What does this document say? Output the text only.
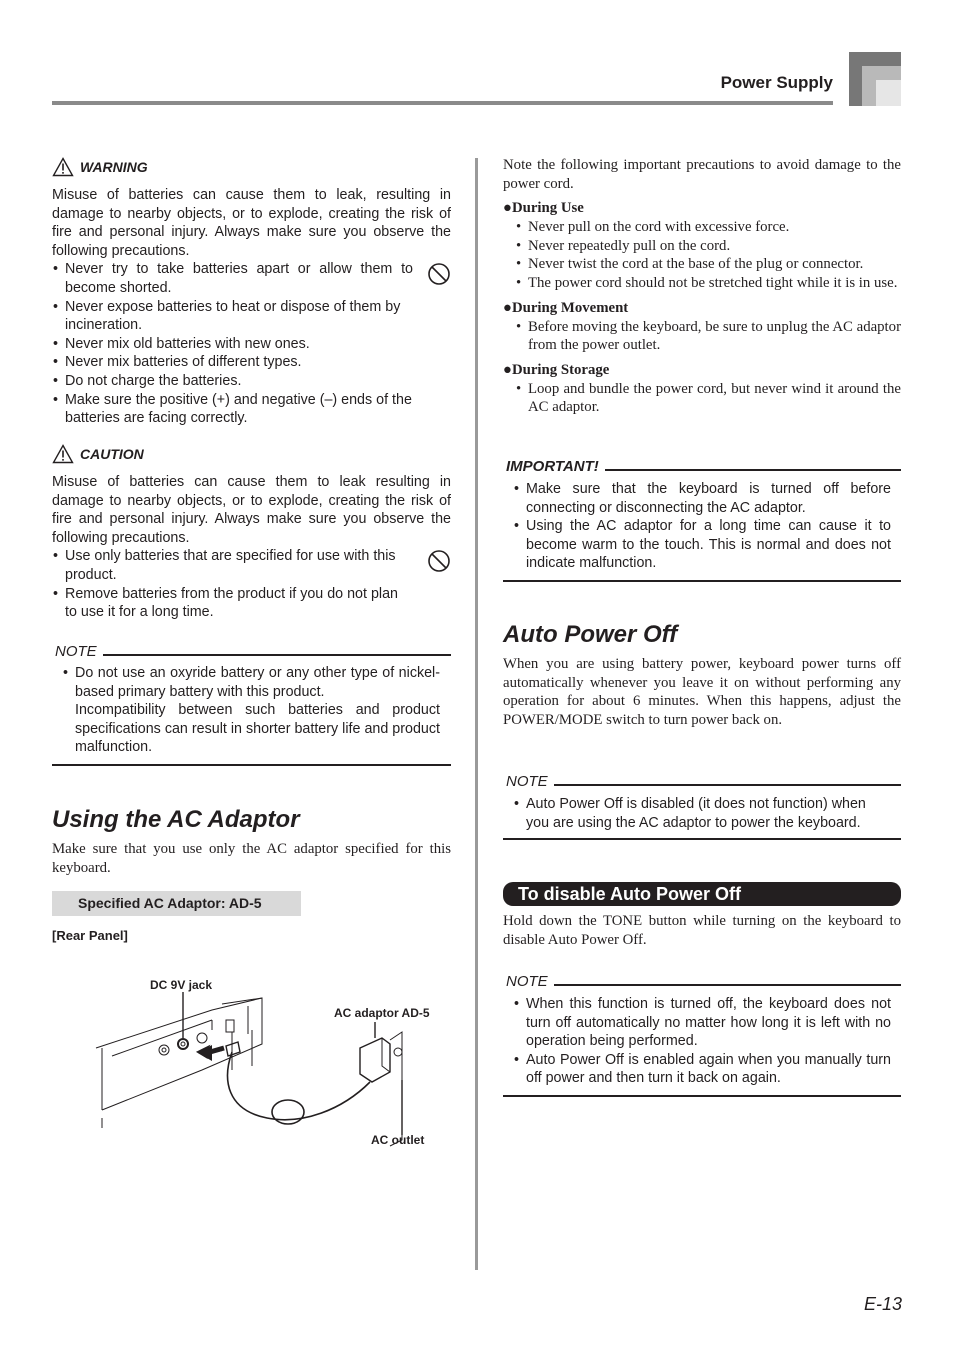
Power Supply
WARNING
Misuse of batteries can cause them to leak, resulting in damage to nearby objects, or to explode, creating the risk of fire and personal injury. Always make sure you observe the following precautions.
• Never try to take batteries apart or allow them to become shorted.
• Never expose batteries to heat or dispose of them by incineration.
• Never mix old batteries with new ones.
• Never mix batteries of different types.
• Do not charge the batteries.
• Make sure the positive (+) and negative (–) ends of the batteries are facing correctly.
CAUTION
Misuse of batteries can cause them to leak resulting in damage to nearby objects, or to explode, creating the risk of fire and personal injury. Always make sure you observe the following precautions.
• Use only batteries that are specified for use with this product.
• Remove batteries from the product if you do not plan to use it for a long time.
NOTE
• Do not use an oxyride battery or any other type of nickel-based primary battery with this product.
Incompatibility between such batteries and product specifications can result in shorter battery life and product malfunction.
Using the AC Adaptor
Make sure that you use only the AC adaptor specified for this keyboard.
Specified AC Adaptor: AD-5
[Rear Panel]
DC 9V jack
AC adaptor AD-5
AC outlet
Note the following important precautions to avoid damage to the power cord.
●During Use
• Never pull on the cord with excessive force.
• Never repeatedly pull on the cord.
• Never twist the cord at the base of the plug or connector.
• The power cord should not be stretched tight while it is in use.
●During Movement
• Before moving the keyboard, be sure to unplug the AC adaptor from the power outlet.
●During Storage
• Loop and bundle the power cord, but never wind it around the AC adaptor.
IMPORTANT!
• Make sure that the keyboard is turned off before connecting or disconnecting the AC adaptor.
• Using the AC adaptor for a long time can cause it to become warm to the touch. This is normal and does not indicate malfunction.
Auto Power Off
When you are using battery power, keyboard power turns off automatically whenever you leave it on without performing any operation for about 6 minutes. When this happens, adjust the POWER/MODE switch to turn power back on.
NOTE
• Auto Power Off is disabled (it does not function) when you are using the AC adaptor to power the keyboard.
To disable Auto Power Off
Hold down the TONE button while turning on the keyboard to disable Auto Power Off.
NOTE
• When this function is turned off, the keyboard does not turn off automatically no matter how long it is left with no operation being performed.
• Auto Power Off is enabled again when you manually turn off power and then turn it back on again.
E-13
